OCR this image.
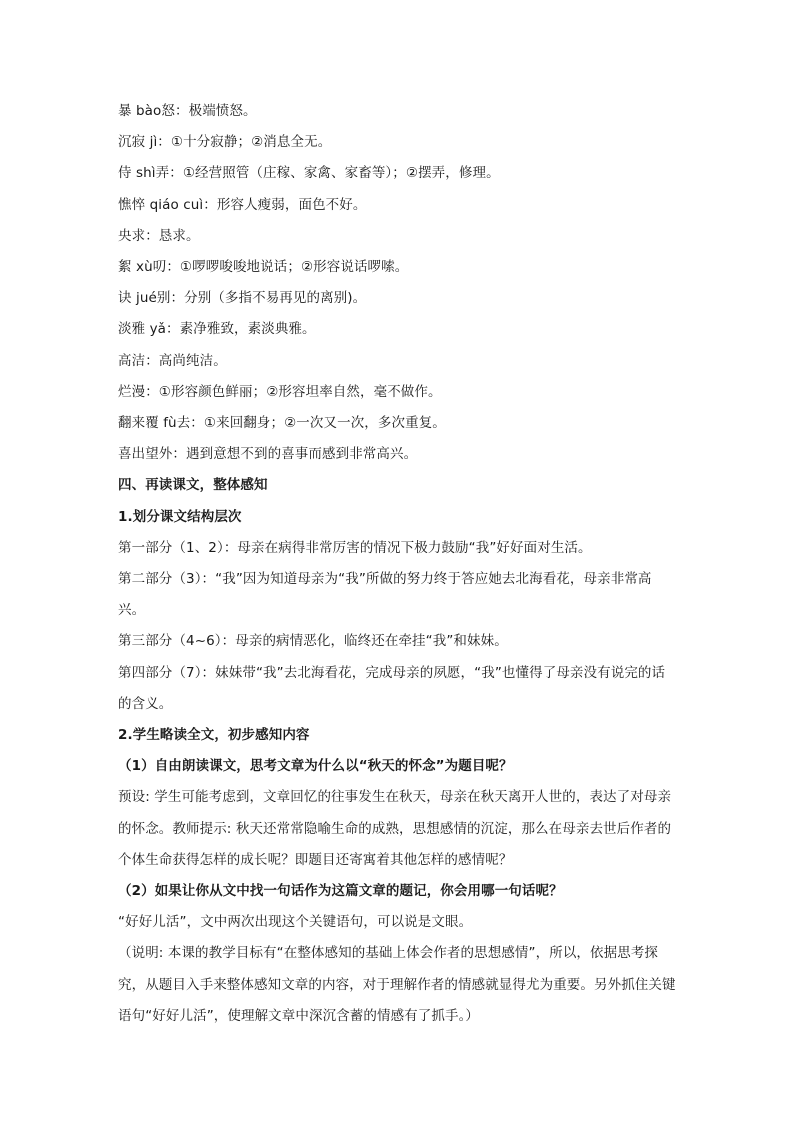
暴 bào怒：极端愤怒。

沉寂 jì：①十分寂静；②消息全无。

侍 shì弄：①经营照管（庄稼、家禽、家畜等）；②摆弄，修理。

憔悴 qiáo cuì：形容人瘦弱，面色不好。

央求：恳求。

絮 xù叨：①啰啰唆唆地说话；②形容说话啰嗦。

诀 jué别：分别（多指不易再见的离别)。

淡雅 yǎ：素净雅致，素淡典雅。

高洁：高尚纯洁。

烂漫：①形容颜色鲜丽；②形容坦率自然，毫不做作。

翻来覆 fù去：①来回翻身；②一次又一次，多次重复。

喜出望外：遇到意想不到的喜事而感到非常高兴。

四、再读课文，整体感知

1.划分课文结构层次

第一部分（1、2）：母亲在病得非常厉害的情况下极力鼓励“我”好好面对生活。

第二部分（3）：“我”因为知道母亲为“我”所做的努力终于答应她去北海看花，母亲非常高兴。

第三部分（4~6）：母亲的病情恶化，临终还在牵挂“我”和妹妹。

第四部分（7）：妹妹带“我”去北海看花，完成母亲的夙愿，“我”也懂得了母亲没有说完的话的含义。

2.学生略读全文，初步感知内容

（1）自由朗读课文，思考文章为什么以“秋天的怀念”为题目呢？

预设: 学生可能考虑到，文章回忆的往事发生在秋天，母亲在秋天离开人世的，表达了对母亲的怀念。教师提示: 秋天还常常隐喻生命的成熟，思想感情的沉淀，那么在母亲去世后作者的个体生命获得怎样的成长呢？即题目还寄寓着其他怎样的感情呢？

（2）如果让你从文中找一句话作为这篇文章的题记，你会用哪一句话呢？

“好好儿活”，文中两次出现这个关键语句，可以说是文眼。

（说明: 本课的教学目标有“在整体感知的基础上体会作者的思想感情”，所以，依据思考探究，从题目入手来整体感知文章的内容，对于理解作者的情感就显得尤为重要。另外抓住关键语句“好好儿活”，使理解文章中深沉含蓄的情感有了抓手。）
